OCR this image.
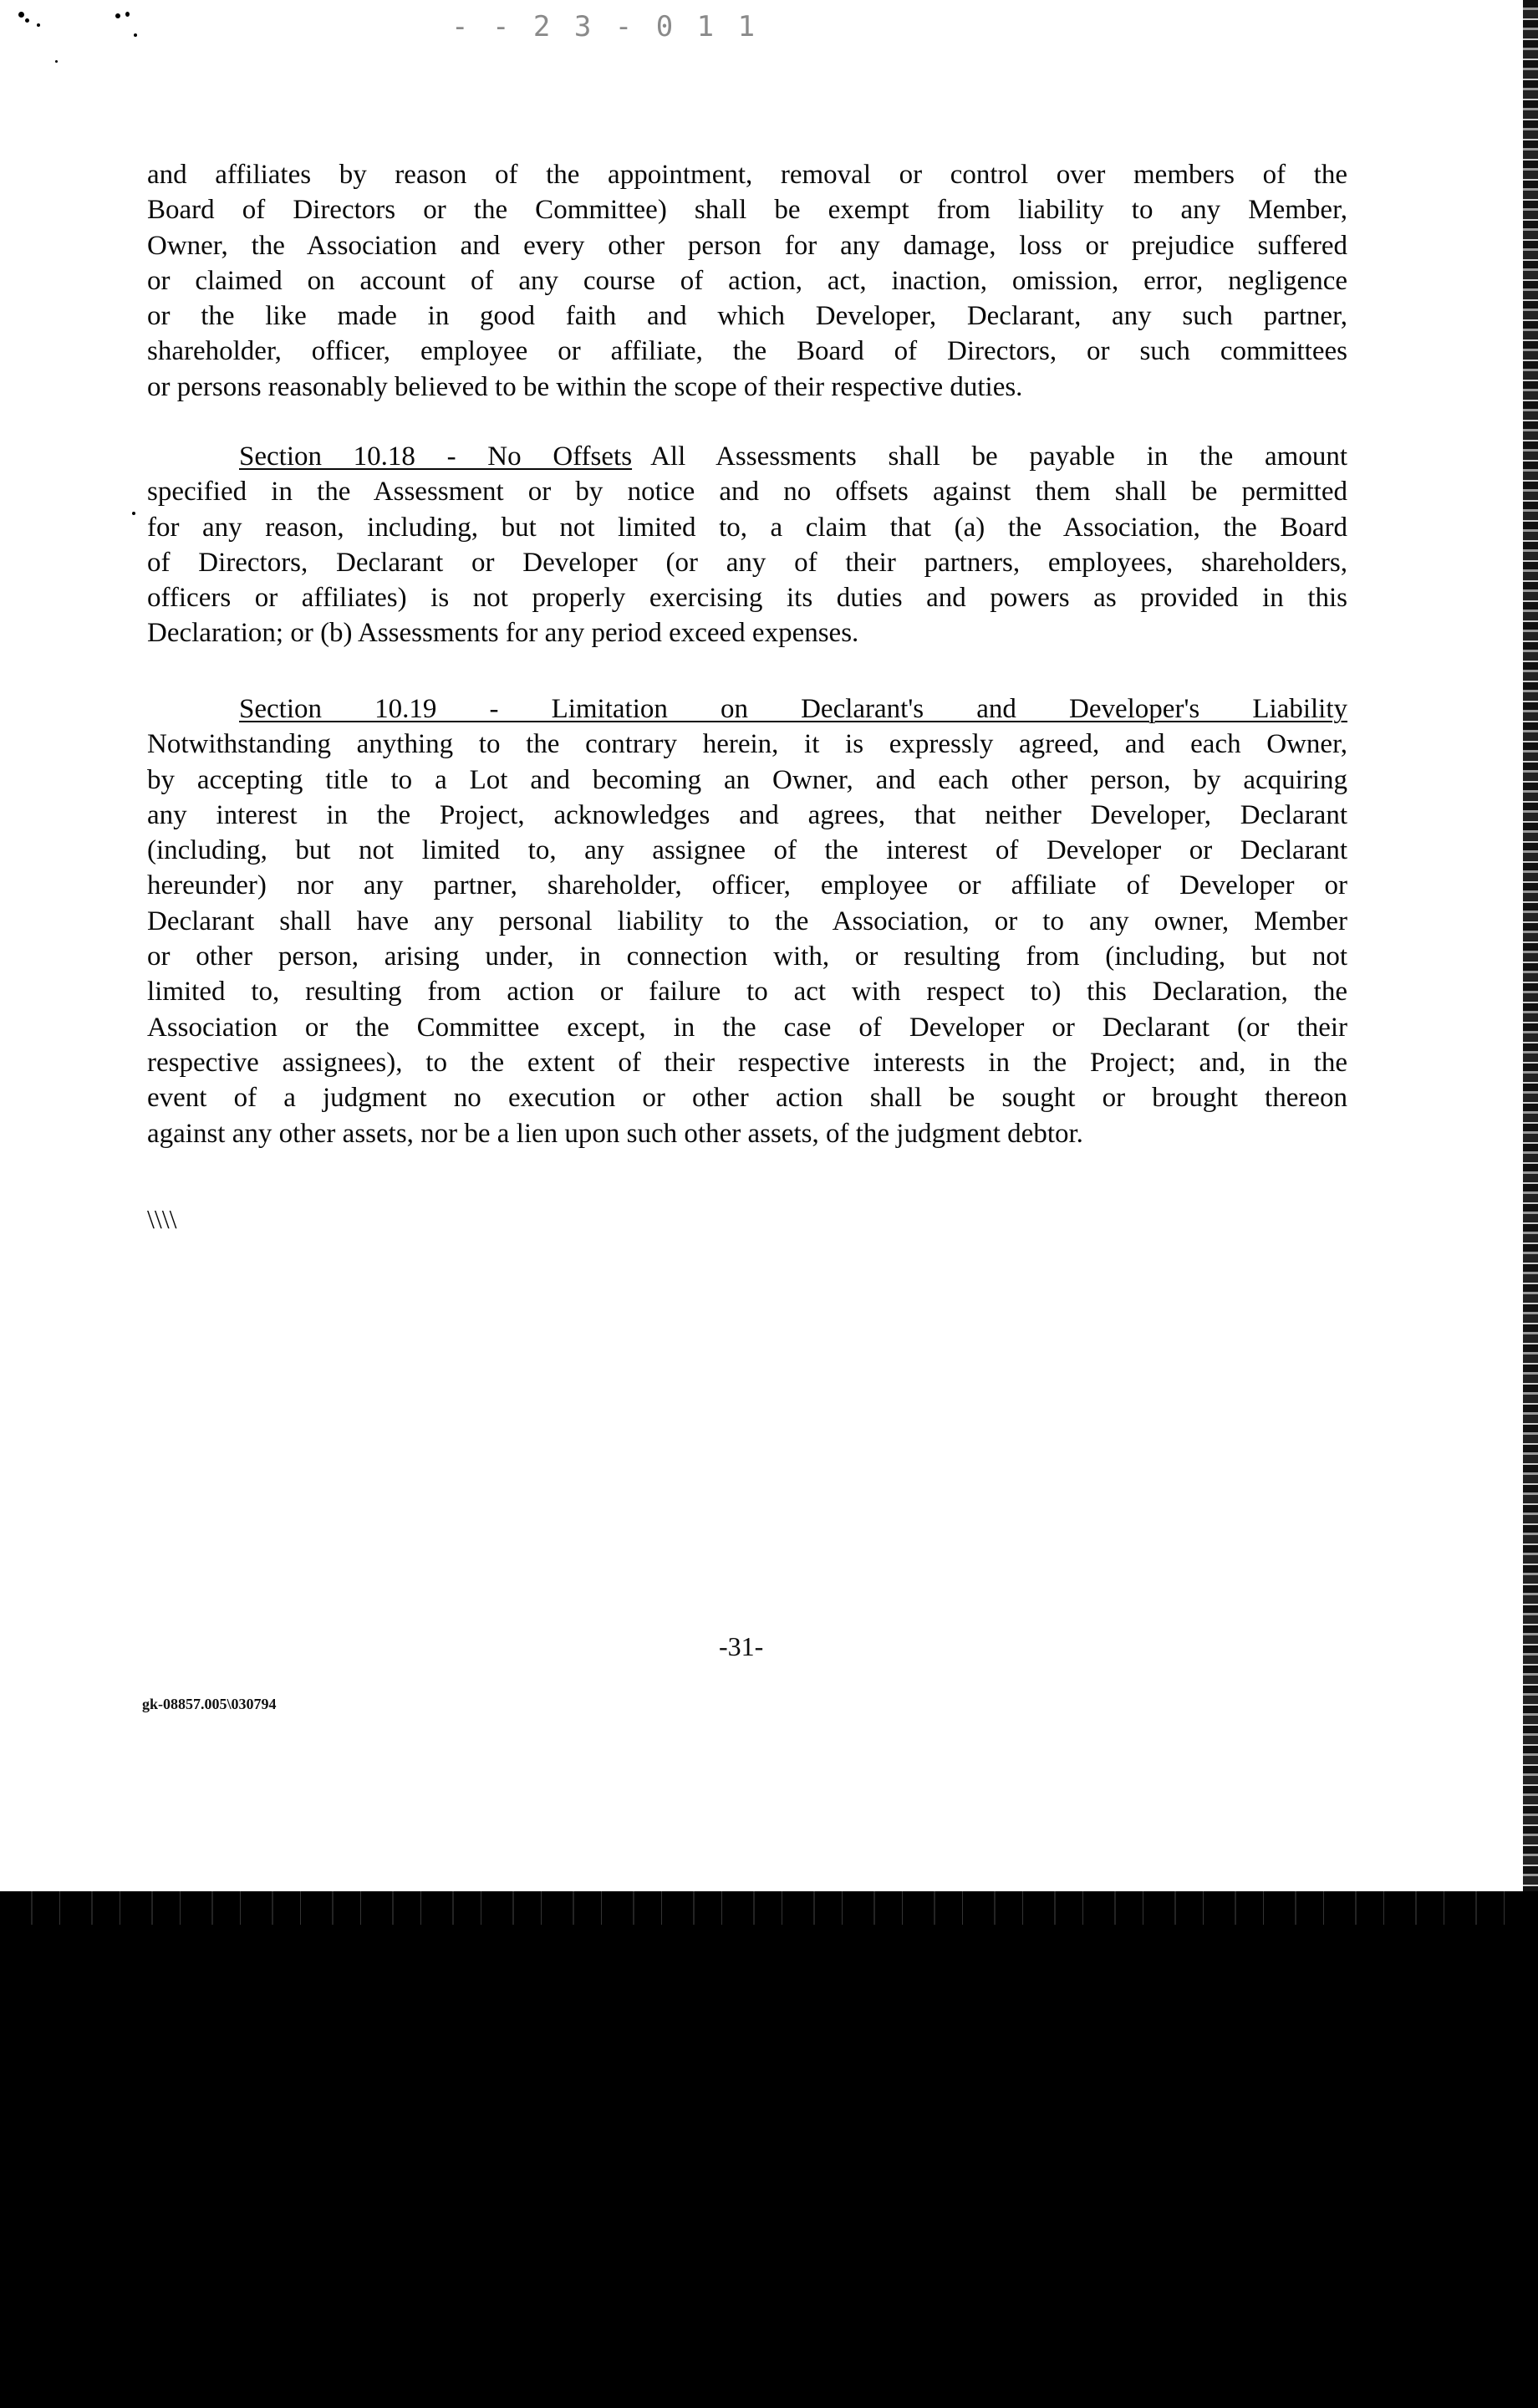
- - 2 3 - 0 1 1
and affiliates by reason of the appointment, removal or control over members of the
Board of Directors or the Committee) shall be exempt from liability to any Member,
Owner, the Association and every other person for any damage, loss or prejudice suffered
or claimed on account of any course of action, act, inaction, omission, error, negligence
or the like made in good faith and which Developer, Declarant, any such partner,
shareholder, officer, employee or affiliate, the Board of Directors, or such committees
or persons reasonably believed to be within the scope of their respective duties.
Section 10.18 - No Offsets All Assessments shall be payable in the amount
specified in the Assessment or by notice and no offsets against them shall be permitted
for any reason, including, but not limited to, a claim that (a) the Association, the Board
of Directors, Declarant or Developer (or any of their partners, employees, shareholders,
officers or affiliates) is not properly exercising its duties and powers as provided in this
Declaration; or (b) Assessments for any period exceed expenses.
Section 10.19 - Limitation on Declarant's and Developer's Liability
Notwithstanding anything to the contrary herein, it is expressly agreed, and each Owner,
by accepting title to a Lot and becoming an Owner, and each other person, by acquiring
any interest in the Project, acknowledges and agrees, that neither Developer, Declarant
(including, but not limited to, any assignee of the interest of Developer or Declarant
hereunder) nor any partner, shareholder, officer, employee or affiliate of Developer or
Declarant shall have any personal liability to the Association, or to any owner, Member
or other person, arising under, in connection with, or resulting from (including, but not
limited to, resulting from action or failure to act with respect to) this Declaration, the
Association or the Committee except, in the case of Developer or Declarant (or their
respective assignees), to the extent of their respective interests in the Project; and, in the
event of a judgment no execution or other action shall be sought or brought thereon
against any other assets, nor be a lien upon such other assets, of the judgment debtor.
\\\\
-31-
gk-08857.005\030794
